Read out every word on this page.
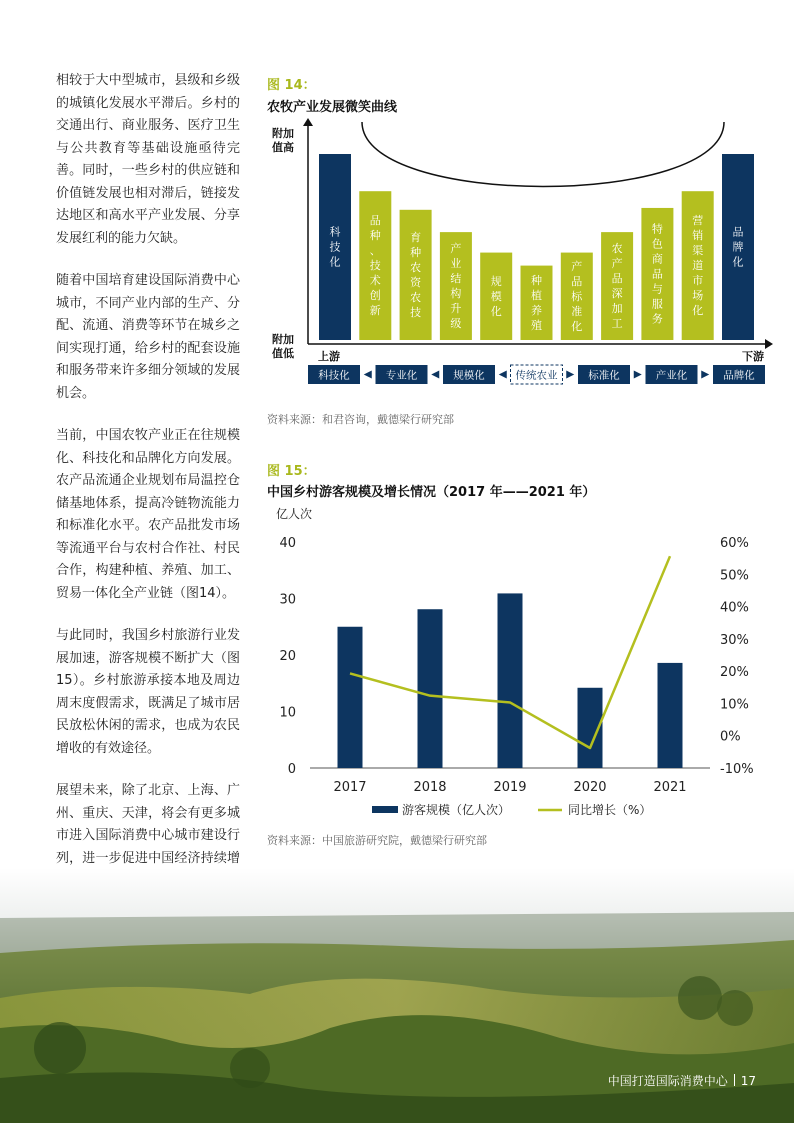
相较于大中型城市，县级和乡级的城镇化发展水平滞后。乡村的交通出行、商业服务、医疗卫生与公共教育等基础设施亟待完善。同时，一些乡村的供应链和价值链发展也相对滞后，链接发达地区和高水平产业发展、分享发展红利的能力欠缺。

随着中国培育建设国际消费中心城市，不同产业内部的生产、分配、流通、消费等环节在城乡之间实现打通，给乡村的配套设施和服务带来许多细分领域的发展机会。

当前，中国农牧产业正在往规模化、科技化和品牌化方向发展。农产品流通企业规划布局温控仓储基地体系，提高冷链物流能力和标准化水平。农产品批发市场等流通平台与农村合作社、村民合作，构建种植、养殖、加工、贸易一体化全产业链（图14）。

与此同时，我国乡村旅游行业发展加速，游客规模不断扩大（图15）。乡村旅游承接本地及周边周末度假需求，既满足了城市居民放松休闲的需求，也成为农民增收的有效途径。

展望未来，除了北京、上海、广州、重庆、天津，将会有更多城市进入国际消费中心城市建设行列，进一步促进中国经济持续增

图 14：
农牧产业发展微笑曲线
附加
值高
附加
值低 上游	下游
科技化
品种、技术创新
育种农资农技
产业结构升级
规模化
种植养殖
产品标准化
农产品深加工
特色商品与服务
营销渠道市场化
品牌化
科技化	专业化	规模化	传统农业	标准化	产业化	品牌化
资料来源：和君咨询，戴德梁行研究部
图 15：
中国乡村游客规模及增长情况（2017 年——2021 年）
亿人次
0
10
20
30
40
-10%
0%
10%
20%
30%
40%
50%
60%
2017	2018	2019	2020	2021
游客规模（亿人次）	同比增长（%）
资料来源：中国旅游研究院，戴德梁行研究部
中国打造国际消费中心 17
